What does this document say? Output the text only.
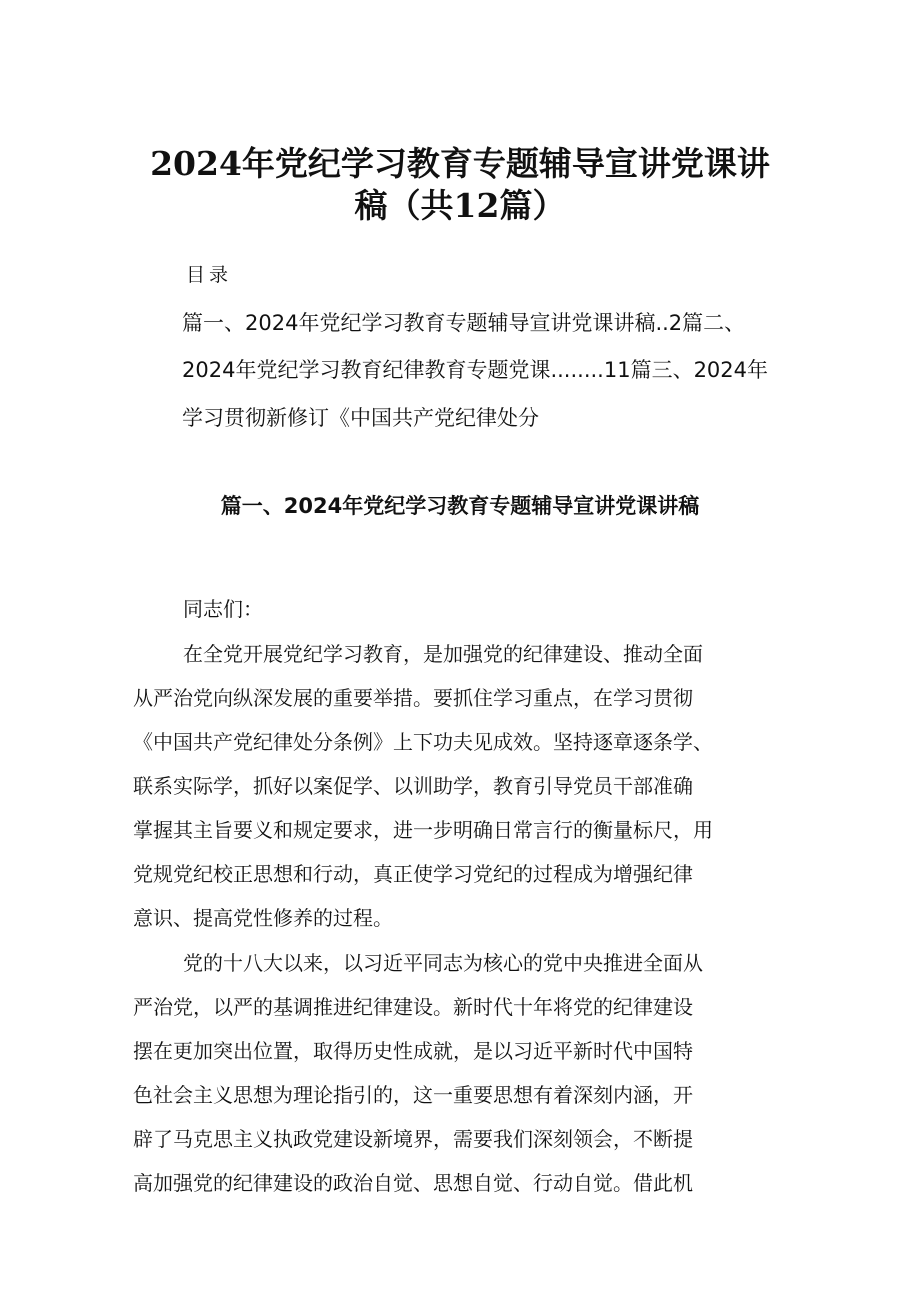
2024年党纪学习教育专题辅导宣讲党课讲
稿（共12篇）
目录
篇一、2024年党纪学习教育专题辅导宣讲党课讲稿..2篇二、
2024年党纪学习教育纪律教育专题党课........11篇三、2024年
学习贯彻新修订《中国共产党纪律处分
篇一、2024年党纪学习教育专题辅导宣讲党课讲稿
同志们：
在全党开展党纪学习教育，是加强党的纪律建设、推动全面
从严治党向纵深发展的重要举措。要抓住学习重点，在学习贯彻
《中国共产党纪律处分条例》上下功夫见成效。坚持逐章逐条学、
联系实际学，抓好以案促学、以训助学，教育引导党员干部准确
掌握其主旨要义和规定要求，进一步明确日常言行的衡量标尺，用
党规党纪校正思想和行动，真正使学习党纪的过程成为增强纪律
意识、提高党性修养的过程。
党的十八大以来，以习近平同志为核心的党中央推进全面从
严治党，以严的基调推进纪律建设。新时代十年将党的纪律建设
摆在更加突出位置，取得历史性成就，是以习近平新时代中国特
色社会主义思想为理论指引的，这一重要思想有着深刻内涵，开
辟了马克思主义执政党建设新境界，需要我们深刻领会，不断提
高加强党的纪律建设的政治自觉、思想自觉、行动自觉。借此机
